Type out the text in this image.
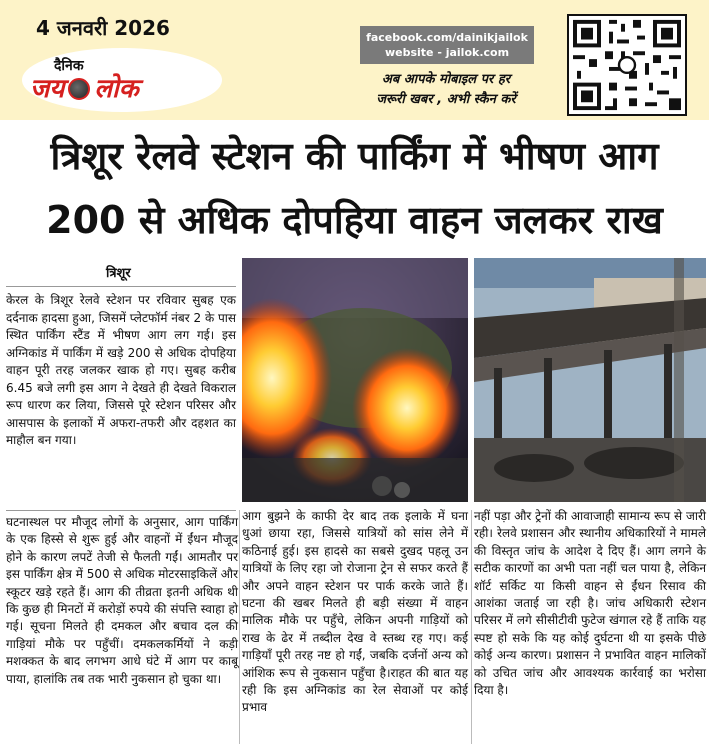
4 जनवरी 2026
दैनिक
जय लोक
facebook.com/dainikjailok
website - jailok.com
अब आपके मोबाइल पर हर
जरूरी खबर , अभी स्कैन करें
त्रिशूर रेलवे स्टेशन की पार्किंग में भीषण आग
200 से अधिक दोपहिया वाहन जलकर राख
त्रिशूर
केरल के त्रिशूर रेलवे स्टेशन पर रविवार सुबह एक दर्दनाक हादसा हुआ, जिसमें प्लेटफॉर्म नंबर 2 के पास स्थित पार्किंग स्टैंड में भीषण आग लग गई। इस अग्निकांड में पार्किंग में खड़े 200 से अधिक दोपहिया वाहन पूरी तरह जलकर खाक हो गए। सुबह करीब 6.45 बजे लगी इस आग ने देखते ही देखते विकराल रूप धारण कर लिया, जिससे पूरे स्टेशन परिसर और आसपास के इलाकों में अफरा-तफरी और दहशत का माहौल बन गया।
घटनास्थल पर मौजूद लोगों के अनुसार, आग पार्किंग के एक हिस्से से शुरू हुई और वाहनों में ईंधन मौजूद होने के कारण लपटें तेजी से फैलती गईं। आमतौर पर इस पार्किंग क्षेत्र में 500 से अधिक मोटरसाइकिलें और स्कूटर खड़े रहते हैं। आग की तीव्रता इतनी अधिक थी कि कुछ ही मिनटों में करोड़ों रुपये की संपत्ति स्वाहा हो गई। सूचना मिलते ही दमकल और बचाव दल की गाड़ियां मौके पर पहुँचीं। दमकलकर्मियों ने कड़ी मशक्कत के बाद लगभग आधे घंटे में आग पर काबू पाया, हालांकि तब तक भारी नुकसान हो चुका था।
आग बुझने के काफी देर बाद तक इलाके में घना धुआं छाया रहा, जिससे यात्रियों को सांस लेने में कठिनाई हुई। इस हादसे का सबसे दुखद पहलू उन यात्रियों के लिए रहा जो रोजाना ट्रेन से सफर करते हैं और अपने वाहन स्टेशन पर पार्क करके जाते हैं। घटना की खबर मिलते ही बड़ी संख्या में वाहन मालिक मौके पर पहुँचे, लेकिन अपनी गाड़ियों को राख के ढेर में तब्दील देख वे स्तब्ध रह गए। कई गाड़ियाँ पूरी तरह नष्ट हो गईं, जबकि दर्जनों अन्य को आंशिक रूप से नुकसान पहुँचा है।राहत की बात यह रही कि इस अग्निकांड का रेल सेवाओं पर कोई प्रभाव
नहीं पड़ा और ट्रेनों की आवाजाही सामान्य रूप से जारी रही। रेलवे प्रशासन और स्थानीय अधिकारियों ने मामले की विस्तृत जांच के आदेश दे दिए हैं। आग लगने के सटीक कारणों का अभी पता नहीं चल पाया है, लेकिन शॉर्ट सर्किट या किसी वाहन से ईंधन रिसाव की आशंका जताई जा रही है। जांच अधिकारी स्टेशन परिसर में लगे सीसीटीवी फुटेज खंगाल रहे हैं ताकि यह स्पष्ट हो सके कि यह कोई दुर्घटना थी या इसके पीछे कोई अन्य कारण। प्रशासन ने प्रभावित वाहन मालिकों को उचित जांच और आवश्यक कार्रवाई का भरोसा दिया है।
